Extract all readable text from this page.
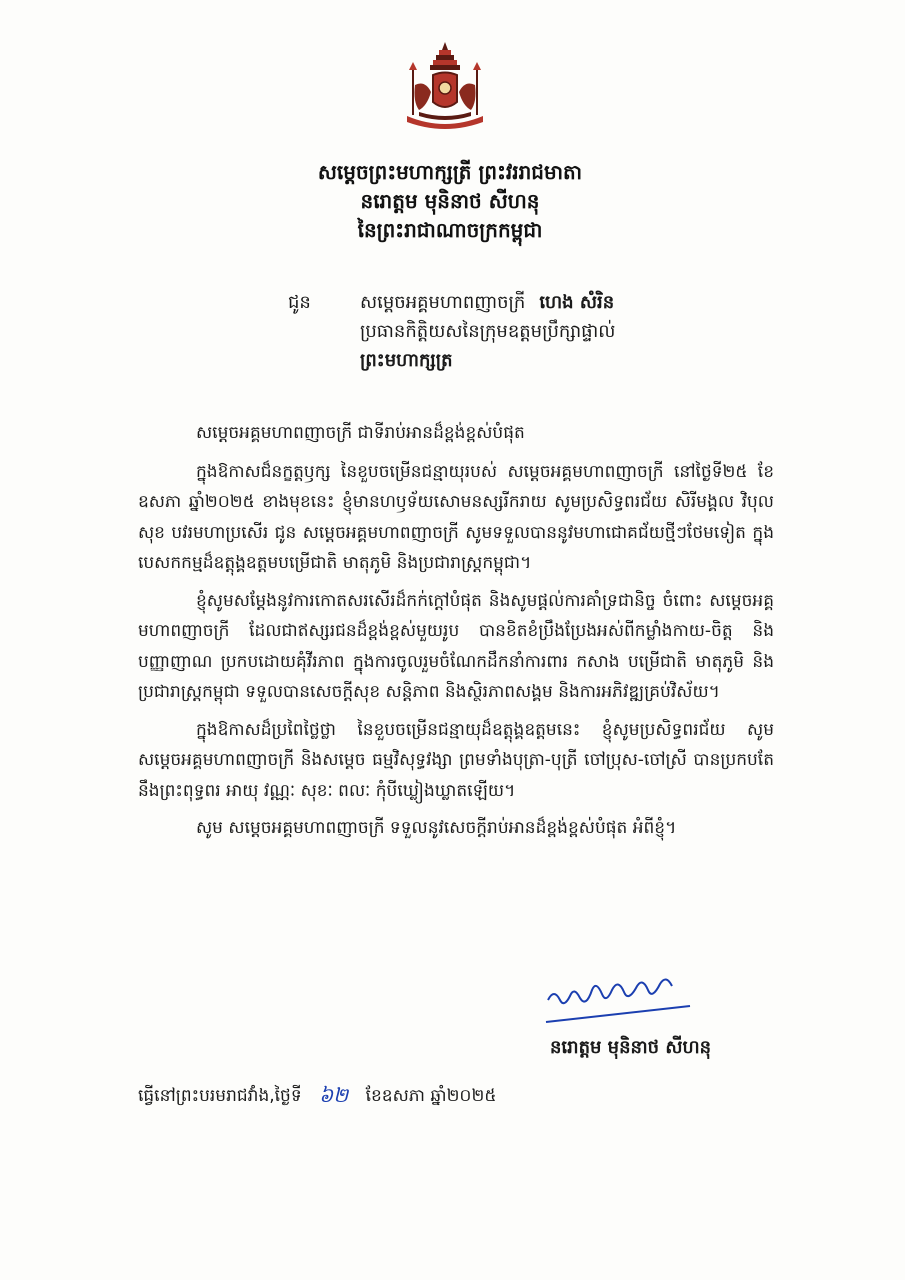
សម្ដេចព្រះមហាក្សត្រី ព្រះវររាជមាតា
នរោត្តម មុនិនាថ សីហនុ
នៃព្រះរាជាណាចក្រកម្ពុជា
ជូន	សម្ដេចអគ្គមហាពញាចក្រី ហេង សំរិន
ប្រធានកិត្តិយសនៃក្រុមឧត្តមប្រឹក្សាផ្ទាល់
ព្រះមហាក្សត្រ

សម្ដេចអគ្គមហាពញាចក្រី ជាទីរាប់អានដ៏ខ្ពង់ខ្ពស់បំផុត

ក្នុងឱកាសជ៏នក្ខត្តឫក្ស នៃខួបចម្រើនជន្មាយុរបស់ សម្ដេចអគ្គមហាពញាចក្រី នៅថ្ងៃទី២៥ ខែឧសភា ឆ្នាំ២០២៥ ខាងមុខនេះ ខ្ញុំមានហឫទ័យសោមនស្សរីករាយ សូមប្រសិទ្ធពរជ័យ សិរីមង្គល វិបុលសុខ បវរមហាប្រសើរ ជូន សម្ដេចអគ្គមហាពញាចក្រី សូមទទួលបាននូវមហាជោគជ័យថ្មីៗថែមទៀត ក្នុងបេសកកម្មដ៏ឧត្តុង្គឧត្តមបម្រើជាតិ មាតុភូមិ និងប្រជារាស្ត្រកម្ពុជា។

ខ្ញុំសូមសម្ដែងនូវការកោតសរសើរដ៏កក់ក្ដៅបំផុត និងសូមផ្ដល់ការគាំទ្រជានិច្ច ចំពោះ សម្ដេចអគ្គមហាពញាចក្រី ដែលជាឥស្សរជនដ៏ខ្ពង់ខ្ពស់មួយរូប បានខិតខំប្រឹងប្រែងអស់ពីកម្លាំងកាយ-ចិត្ត និងបញ្ញាញាណ ប្រកបដោយគុំវីរភាព ក្នុងការចូលរួមចំណែកដឹកនាំការពារ កសាង បម្រើជាតិ មាតុភូមិ និងប្រជារាស្ត្រកម្ពុជា ទទួលបានសេចក្ដីសុខ សន្តិភាព និងស្ថិរភាពសង្គម និងការអភិវឌ្ឍគ្រប់វិស័យ។

ក្នុងឱកាសដ៏ប្រពៃថ្លៃថ្លា នៃខួបចម្រើនជន្មាយុដ៏ឧត្តុង្គឧត្តមនេះ ខ្ញុំសូមប្រសិទ្ធពរជ័យ សូម សម្ដេចអគ្គមហាពញាចក្រី និងសម្ដេច ធម្មវិសុទ្ធវង្សា ព្រមទាំងបុត្រា-បុត្រី ចៅប្រុស-ចៅស្រី បានប្រកបតែនឹងព្រះពុទ្ធពរ អាយុ វណ្ណៈ សុខៈ ពលៈ កុំបីឃ្លៀងឃ្លាតឡើយ។

សូម សម្ដេចអគ្គមហាពញាចក្រី ទទួលនូវសេចក្ដីរាប់អានដ៏ខ្ពង់ខ្ពស់បំផុត អំពីខ្ញុំ។

នរោត្តម មុនិនាថ សីហនុ
ធ្វើនៅព្រះបរមរាជវាំង,ថ្ងៃទី ៦២	ខែឧសភា ឆ្នាំ២០២៥
